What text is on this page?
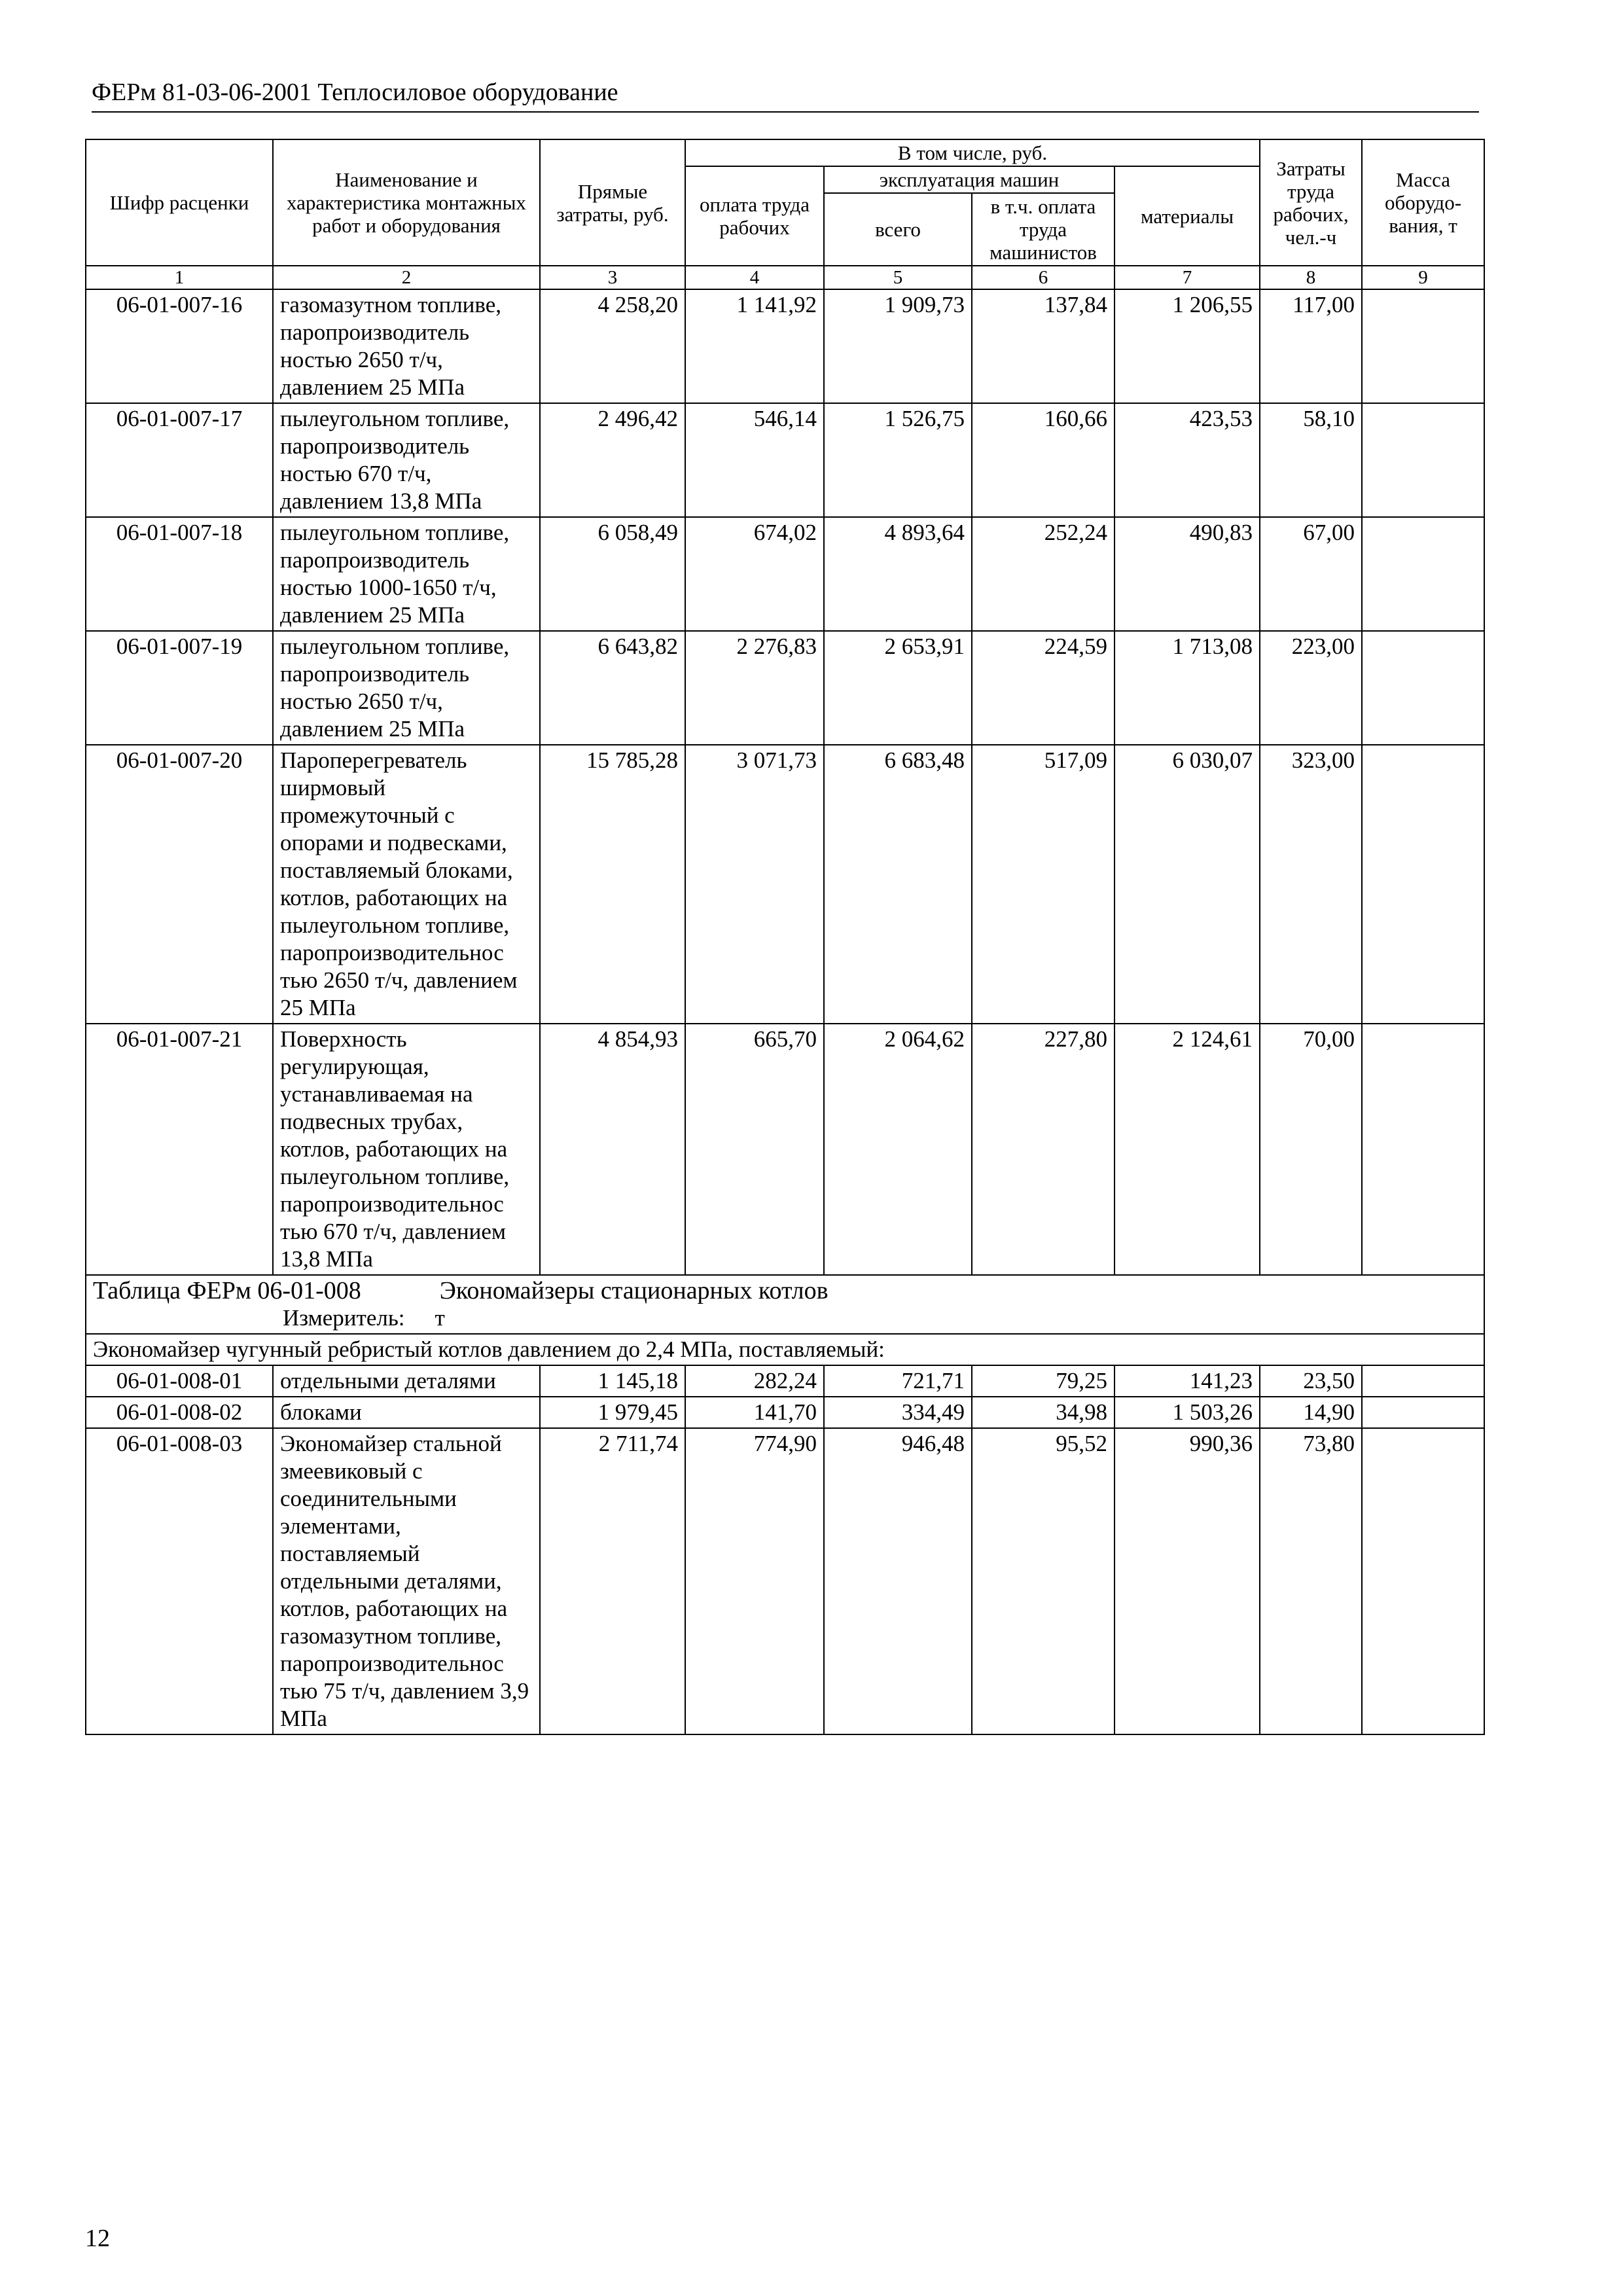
ФЕРм 81-03-06-2001 Теплосиловое оборудование
Шифр расценки	Наименование и характеристика монтажных работ и оборудования	Прямые затраты, руб.	В том числе, руб.				Затраты труда рабочих, чел.-ч	Масса оборудо-вания, т
			оплата труда рабочих	эксплуатация машин		материалы		
				всего	в т.ч. оплата труда машинистов			
1	2	3	4	5	6	7	8	9
06-01-007-16	газомазутном топливе, паропроизводитель ностью 2650 т/ч, давлением 25 МПа	4 258,20	1 141,92	1 909,73	137,84	1 206,55	117,00	
06-01-007-17	пылеугольном топливе, паропроизводитель ностью 670 т/ч, давлением 13,8 МПа	2 496,42	546,14	1 526,75	160,66	423,53	58,10	
06-01-007-18	пылеугольном топливе, паропроизводитель ностью 1000-1650 т/ч, давлением 25 МПа	6 058,49	674,02	4 893,64	252,24	490,83	67,00	
06-01-007-19	пылеугольном топливе, паропроизводитель ностью 2650 т/ч, давлением 25 МПа	6 643,82	2 276,83	2 653,91	224,59	1 713,08	223,00	
06-01-007-20	Пароперегреватель ширмовый промежуточный с опорами и подвесками, поставляемый блоками, котлов, работающих на пылеугольном топливе, паропроизводительнос тью 2650 т/ч, давлением 25 МПа	15 785,28	3 071,73	6 683,48	517,09	6 030,07	323,00	
06-01-007-21	Поверхность регулирующая, устанавливаемая на подвесных трубах, котлов, работающих на пылеугольном топливе, паропроизводительнос тью 670 т/ч, давлением 13,8 МПа	4 854,93	665,70	2 064,62	227,80	2 124,61	70,00	
Таблица ФЕРм 06-01-008 Экономайзеры стационарных котлов
Измеритель: т								

Экономайзер чугунный ребристый котлов давлением до 2,4 МПа, поставляемый:								
06-01-008-01	отдельными деталями	1 145,18	282,24	721,71	79,25	141,23	23,50	
06-01-008-02	блоками	1 979,45	141,70	334,49	34,98	1 503,26	14,90	
06-01-008-03	Экономайзер стальной змеевиковый с соединительными элементами, поставляемый отдельными деталями, котлов, работающих на газомазутном топливе, паропроизводительнос тью 75 т/ч, давлением 3,9 МПа	2 711,74	774,90	946,48	95,52	990,36	73,80	
12
